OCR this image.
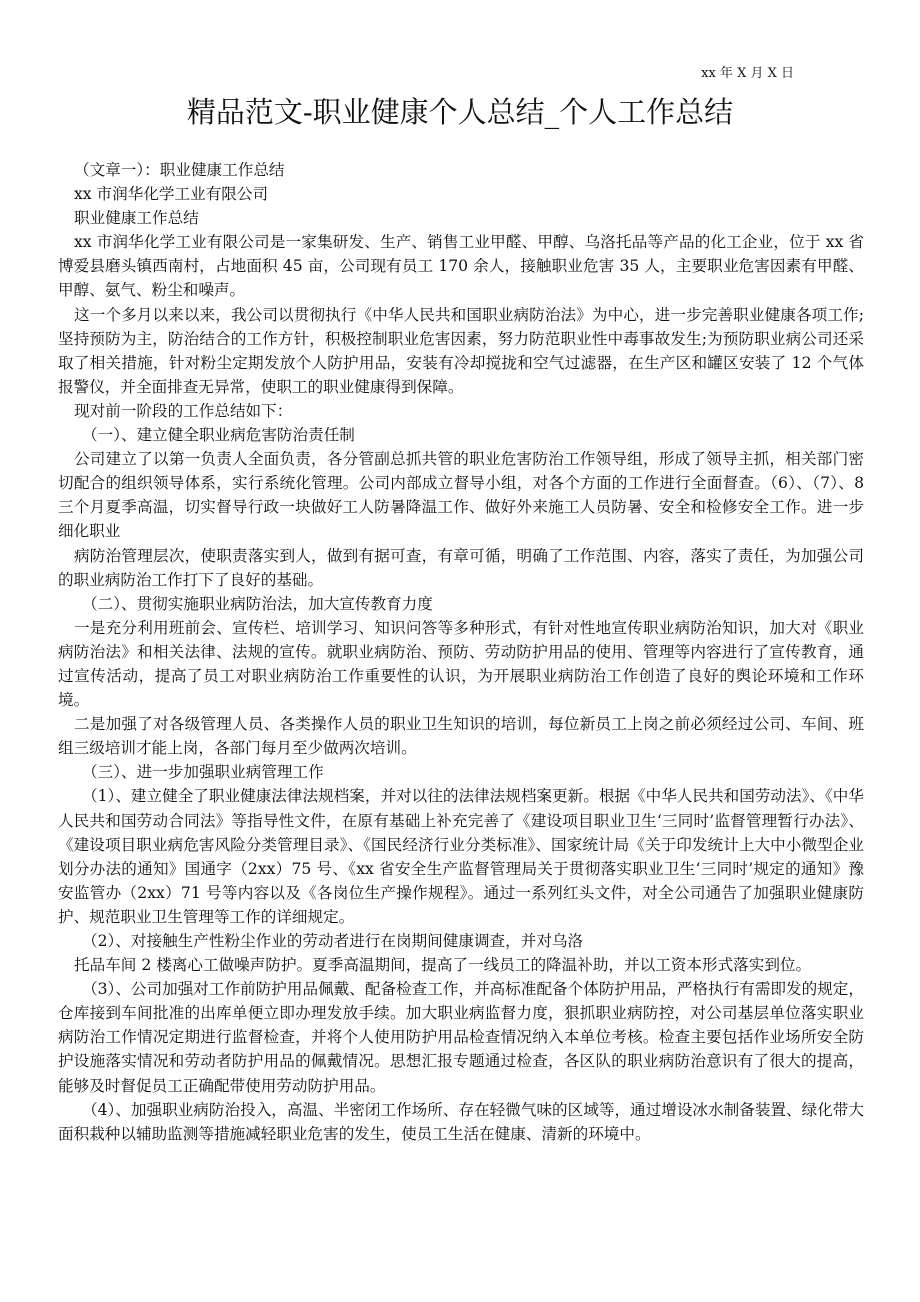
xx 年 X 月 X 日
精品范文-职业健康个人总结_个人工作总结

（文章一）：职业健康工作总结

xx 市润华化学工业有限公司

职业健康工作总结

xx 市润华化学工业有限公司是一家集研发、生产、销售工业甲醛、甲醇、乌洛托品等产品的化工企业，位于 xx 省博爱县磨头镇西南村，占地面积 45 亩，公司现有员工 170 余人，接触职业危害 35 人，主要职业危害因素有甲醛、甲醇、氨气、粉尘和噪声。

这一个多月以来以来，我公司以贯彻执行《中华人民共和国职业病防治法》为中心，进一步完善职业健康各项工作;坚持预防为主，防治结合的工作方针，积极控制职业危害因素，努力防范职业性中毒事故发生;为预防职业病公司还采取了相关措施，针对粉尘定期发放个人防护用品，安装有冷却搅拢和空气过滤器，在生产区和罐区安装了 12 个气体报警仪，并全面排查无异常，使职工的职业健康得到保障。

现对前一阶段的工作总结如下：

（一）、建立健全职业病危害防治责任制

公司建立了以第一负责人全面负责，各分管副总抓共管的职业危害防治工作领导组，形成了领导主抓，相关部门密切配合的组织领导体系，实行系统化管理。公司内部成立督导小组，对各个方面的工作进行全面督查。（6）、（7）、8 三个月夏季高温，切实督导行政一块做好工人防暑降温工作、做好外来施工人员防暑、安全和检修安全工作。进一步细化职业

病防治管理层次，使职责落实到人，做到有据可查，有章可循，明确了工作范围、内容，落实了责任，为加强公司的职业病防治工作打下了良好的基础。

（二）、贯彻实施职业病防治法，加大宣传教育力度

一是充分利用班前会、宣传栏、培训学习、知识问答等多种形式，有针对性地宣传职业病防治知识，加大对《职业病防治法》和相关法律、法规的宣传。就职业病防治、预防、劳动防护用品的使用、管理等内容进行了宣传教育，通过宣传活动，提高了员工对职业病防治工作重要性的认识，为开展职业病防治工作创造了良好的舆论环境和工作环境。

二是加强了对各级管理人员、各类操作人员的职业卫生知识的培训，每位新员工上岗之前必须经过公司、车间、班组三级培训才能上岗，各部门每月至少做两次培训。

（三）、进一步加强职业病管理工作

（1）、建立健全了职业健康法律法规档案，并对以往的法律法规档案更新。根据《中华人民共和国劳动法》、《中华人民共和国劳动合同法》等指导性文件，在原有基础上补充完善了《建设项目职业卫生‘三同时’监督管理暂行办法》、《建设项目职业病危害风险分类管理目录》、《国民经济行业分类标准》、国家统计局《关于印发统计上大中小微型企业划分办法的通知》国通字（2xx）75 号、《xx 省安全生产监督管理局关于贯彻落实职业卫生‘三同时’规定的通知》豫安监管办（2xx）71 号等内容以及《各岗位生产操作规程》。通过一系列红头文件，对全公司通告了加强职业健康防护、规范职业卫生管理等工作的详细规定。

（2）、对接触生产性粉尘作业的劳动者进行在岗期间健康调查，并对乌洛

托品车间 2 楼离心工做噪声防护。夏季高温期间，提高了一线员工的降温补助，并以工资本形式落实到位。

（3）、公司加强对工作前防护用品佩戴、配备检查工作，并高标准配备个体防护用品，严格执行有需即发的规定，仓库接到车间批准的出库单便立即办理发放手续。加大职业病监督力度，狠抓职业病防控，对公司基层单位落实职业病防治工作情况定期进行监督检查，并将个人使用防护用品检查情况纳入本单位考核。检查主要包括作业场所安全防护设施落实情况和劳动者防护用品的佩戴情况。思想汇报专题通过检查，各区队的职业病防治意识有了很大的提高，能够及时督促员工正确配带使用劳动防护用品。

（4）、加强职业病防治投入，高温、半密闭工作场所、存在轻微气味的区域等，通过增设冰水制备装置、绿化带大面积栽种以辅助监测等措施减轻职业危害的发生，使员工生活在健康、清新的环境中。
